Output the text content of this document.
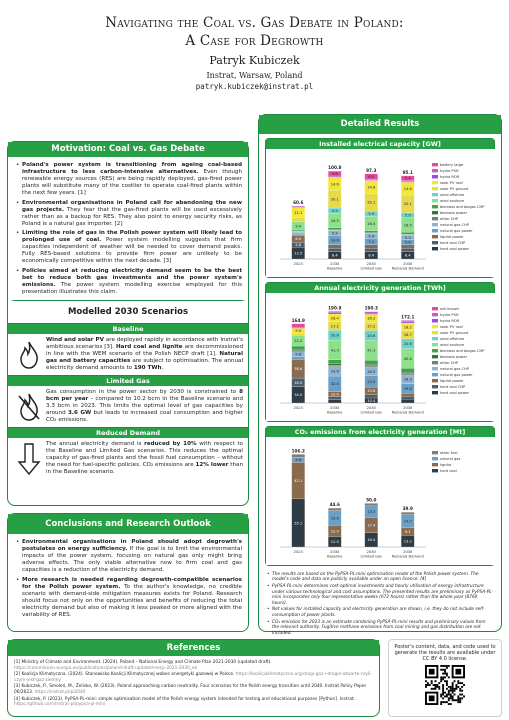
Navigating the Coal vs. Gas Debate in Poland:
A Case for Degrowth
Patryk Kubiczek
Instrat, Warsaw, Poland
patryk.kubiczek@instrat.pl
Motivation: Coal vs. Gas Debate
• Poland's power system is transitioning from ageing coal-based infrastructure to less carbon-intensive alternatives. Even though renewable energy sources (RES) are being rapidly deployed, gas-fired power plants will substitute many of the costlier to operate coal-fired plants within the next few years. [1]
• Environmental organisations in Poland call for abandoning the new gas projects. They fear that the gas-fired plants will be used excessively rather than as a backup for RES. They also point to energy security risks, as Poland is a natural gas importer. [2]
• Limiting the role of gas in the Polish power system will likely lead to prolonged use of coal. Power system modelling suggests that firm capacities independent of weather will be needed to cover demand peaks. Fully RES-based solutions to provide firm power are unlikely to be economically competitive within the next decade. [3]
• Policies aimed at reducing electricity demand seem to be the best bet to reduce both gas investments and the power system's emissions. The power system modelling exercise employed for this presentation illustrates this claim.
Modelled 2030 Scenarios
Baseline
Wind and solar PV are deployed rapidly in accordance with Instrat's ambitious scenarios [3]. Hard coal and lignite are decommissioned in line with the WEM scenario of the Polish NECP draft [1]. Natural gas and battery capacities are subject to optimisation. The annual electricity demand amounts to 190 TWh.
Limited Gas
Gas consumption in the power sector by 2030 is constrained to 8 bcm per year – compared to 10.2 bcm in the Baseline scenario and 3.3 bcm in 2023. This limits the optimal level of gas capacities by around 3.6 GW but leads to increased coal consumption and higher CO₂ emissions.
Reduced Demand
The annual electricity demand is reduced by 10% with respect to the Baseline and Limited Gas scenarios. This reduces the optimal capacity of gas-fired plants and the fossil fuel consumption – without the need for fuel-specific policies. CO₂ emissions are 12% lower than in the Baseline scenario.
Conclusions and Research Outlook
• Environmental organisations in Poland should adopt degrowth's postulates on energy sufficiency. If the goal is to limit the environmental impacts of the power system, focusing on natural gas only might bring adverse effects. The only viable alternative now to firm coal and gas capacities is a reduction of the electricity demand.
• More research is needed regarding degrowth-compatible scenarios for the Polish power system. To the author's knowledge, no credible scenario with demand-side mitigation measures exists for Poland. Research should focus not only on the opportunities and benefits of reducing the total electricity demand but also of making it less peaked or more aligned with the variability of RES.
Detailed Results
Installed electrical capacity [GW]
13.5
5.8
8.0
9.4
11.1
60.6
2023
8.4
10.6
5.5
16.5
5.9
20.1
14.6
5.6
100.8
2030
Baseline
8.4
7.2
5.4
16.5
5.9
20.1
14.6
6.0
97.3
2030
Limited Gas
8.4
5.6
5.3
16.5
5.9
20.1
14.6
5.4
95.1
2030
Reduced Demand
battery large
hydro PSH
hydro ROR
solar PV roof
solar PV ground
wind offshore
wind onshore
biomass and biogas CHP
biomass power
other CHP
natural gas CHP
natural gas power
lignite power
hard coal CHP
hard coal power
Annual electricity generation [TWh]
34.0
18.0
38.6
9.8
22.3
9.9
164.9
2023
10.6
32.4
19.6
41.3
20.6
17.2
16.4
190.9
2030
Baseline
10.4
15.6
23.4
18.5
41.3
20.6
17.2
16.3
190.3
2030
Limited Gas
19.8
18.3
40.6
20.6
16.7
16.2
172.1
2030
Reduced Demand
net import
hydro PSH
hydro ROR
solar PV roof
solar PV ground
wind offshore
wind onshore
biomass and biogas CHP
biomass power
other CHP
natural gas CHP
natural gas power
lignite power
hard coal CHP
hard coal power
CO₂ emissions from electricity generation [Mt]
55.1
42.1
5.8
106.2
2023
12.0
12.9
16.8
44.6
2030
Baseline
16.4
17.4
13.3
50.0
2030
Limited Gas
13.2
9.1
14.7
39.9
2030
Reduced Demand
other fuel
natural gas
lignite
hard coal
• The results are based on the PyPSA-PL-mini optimisation model of the Polish power system. The model's code and data are publicly available under an open licence. [4]
• PyPSA-PL-mini determines cost-optimal investments and hourly utilisation of energy infrastructure under various technological and cost assumptions. The presented results are preliminary as PyPSA-PL-mini incorporates only four representative weeks (672 hours) rather than the whole year (8760 hours).
• Net values for installed capacity and electricity generation are shown, i.e. they do not include self-consumption of power plants.
• CO₂ emission for 2023 is an estimate combining PyPSA-PL-mini results and preliminary values from the relevant authority. Fugitive methane emissions from coal mining and gas distribution are not included.
References
[1] Ministry of Climate and Environment. (2024). Poland – National Energy and Climate Plan 2021-2030 (updated draft). https://commission.europa.eu/publications/poland-draft-updated-necp-2021-2030_en
[2] Koalicja Klimatyczna. (2024). Stanowisko Koalicji Klimatycznej wobec energetyki gazowej w Polsce. https://koalicjaklimatyczna.org/drogi-gaz-i-drogie-otwarte-czyli-czym-jest-gaz-ziemny
[3] Kubiczek, P., Smoleń, M., Żelisko, W. (2023). Poland approaching carbon neutrality. Four scenarios for the Polish energy transition until 2040. Instrat Policy Paper 06/2023. https://instrat.pl/pl2040
[4] Kubiczek, P. (2023). PyPSA-PL-mini: simple optimisation model of the Polish energy system intended for testing and educational purposes [Python]. Instrat. https://github.com/instrat-pl/pypsa-pl-mini
Poster's content, data, and code used to generate the results are available under CC BY 4.0 license.
